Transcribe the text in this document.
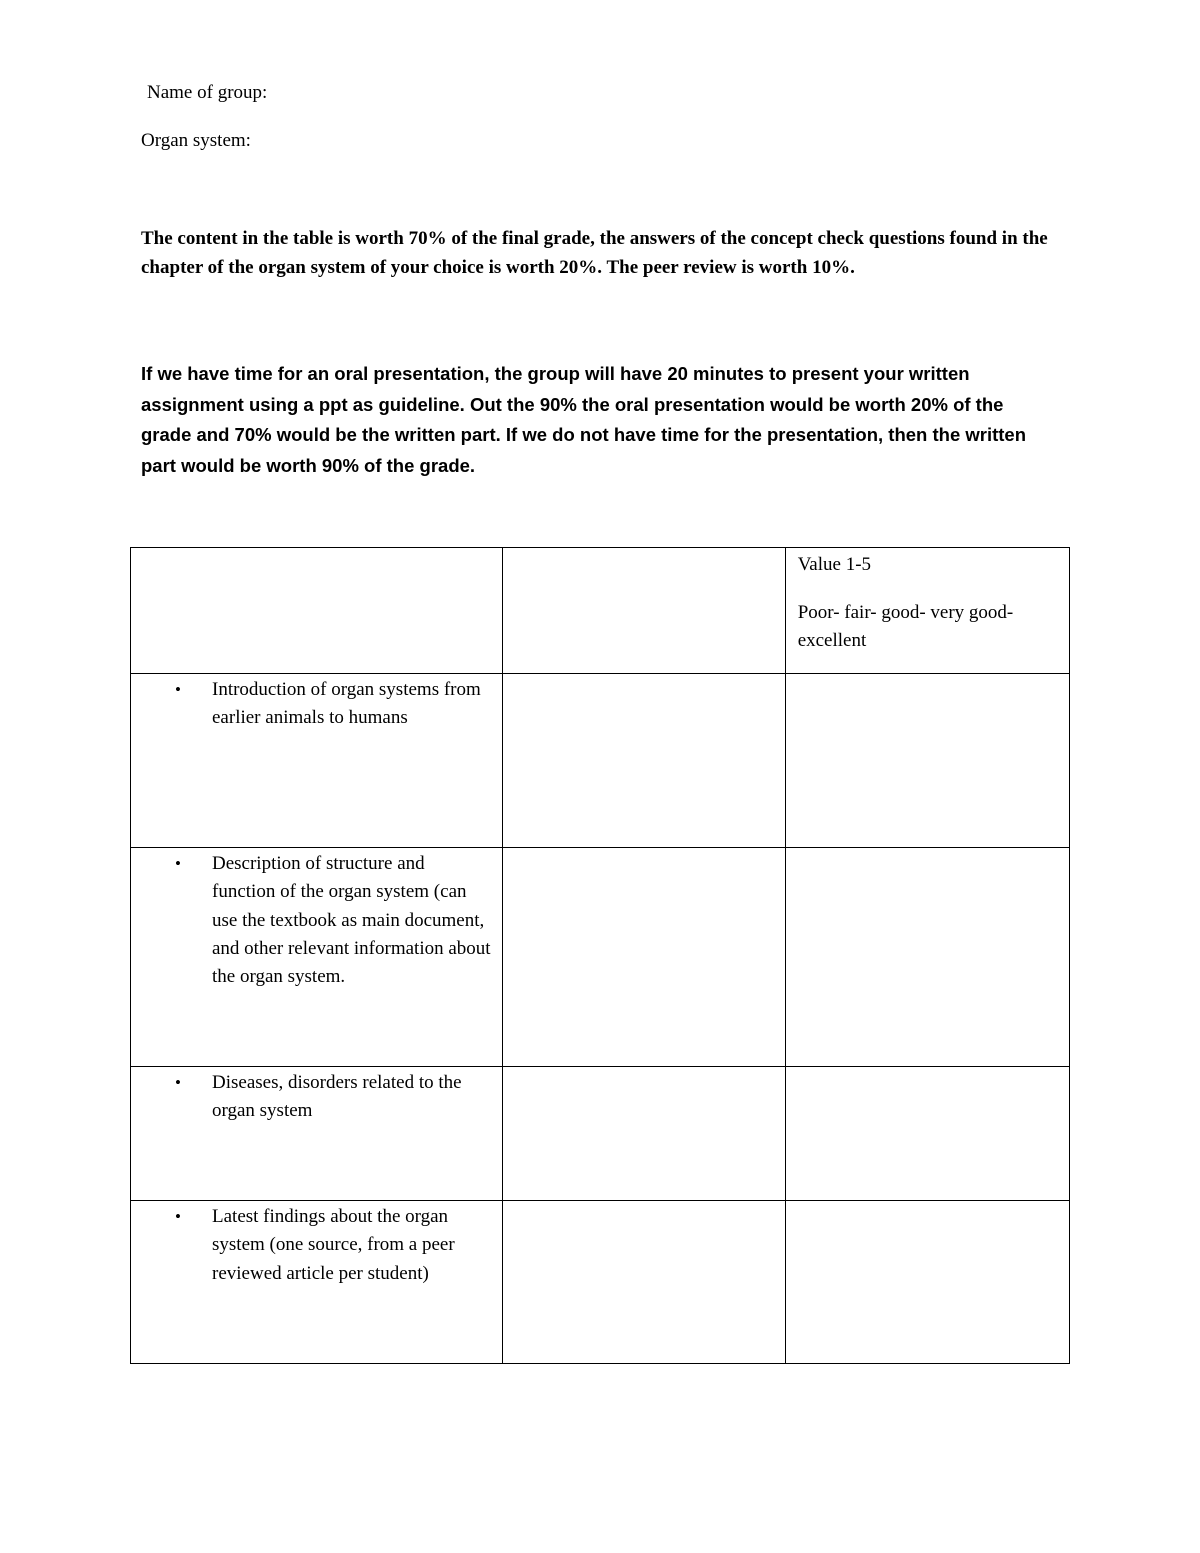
Name of group:
Organ system:
The content in the table is worth 70% of the final grade, the answers of the concept check questions found in the chapter of the organ system of your choice is worth 20%. The peer review is worth 10%.
If we have time for an oral presentation, the group will have 20 minutes to present your written assignment using a ppt as guideline. Out the 90% the oral presentation would be worth 20% of the grade and 70% would be the written part. If we do not have time for the presentation, then the written part would be worth 90% of the grade.

		Value 1-5

Poor- fair- good- very good- excellent

• Introduction of organ systems from earlier animals to humans		

• Description of structure and function of the organ system (can use the textbook as main document, and other relevant information about the organ system.		

• Diseases, disorders related to the organ system		

• Latest findings about the organ system (one source, from a peer reviewed article per student)		
